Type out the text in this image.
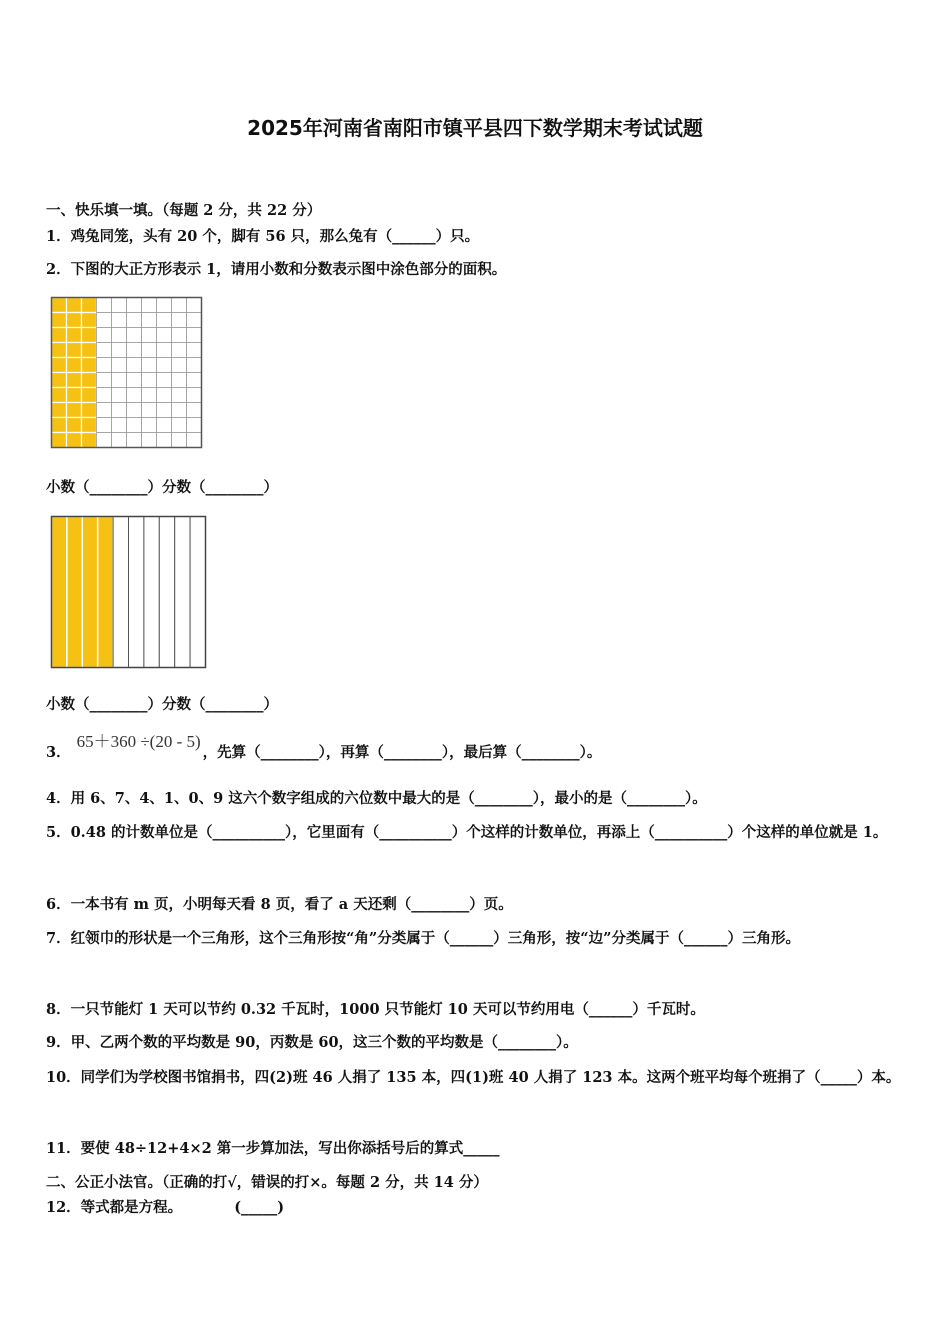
2025年河南省南阳市镇平县四下数学期末考试试题
一、快乐填一填。（每题 2 分，共 22 分）
1．鸡兔同笼，头有 20 个，脚有 56 只，那么兔有（______）只。
2．下图的大正方形表示 1，请用小数和分数表示图中涂色部分的面积。
小数（________）分数（________）
小数（________）分数（________）
3．65＋360 ÷(20 - 5)，先算（________），再算（________），最后算（________）。
4．用 6、7、4、1、0、9 这六个数字组成的六位数中最大的是（________），最小的是（________）。
5．0.48 的计数单位是（__________），它里面有（__________）个这样的计数单位，再添上（__________）个这样的单位就是 1。
6．一本书有 m 页，小明每天看 8 页，看了 a 天还剩（________）页。
7．红领巾的形状是一个三角形，这个三角形按“角”分类属于（______）三角形，按“边”分类属于（______）三角形。
8．一只节能灯 1 天可以节约 0.32 千瓦时，1000 只节能灯 10 天可以节约用电（______）千瓦时。
9．甲、乙两个数的平均数是 90，丙数是 60，这三个数的平均数是（________）。
10．同学们为学校图书馆捐书，四(2)班 46 人捐了 135 本，四(1)班 40 人捐了 123 本。这两个班平均每个班捐了（_____）本。
11．要使 48÷12+4×2 第一步算加法，写出你添括号后的算式_____
二、公正小法官。（正确的打√，错误的打×。每题 2 分，共 14 分）
12．等式都是方程。	(_____)
